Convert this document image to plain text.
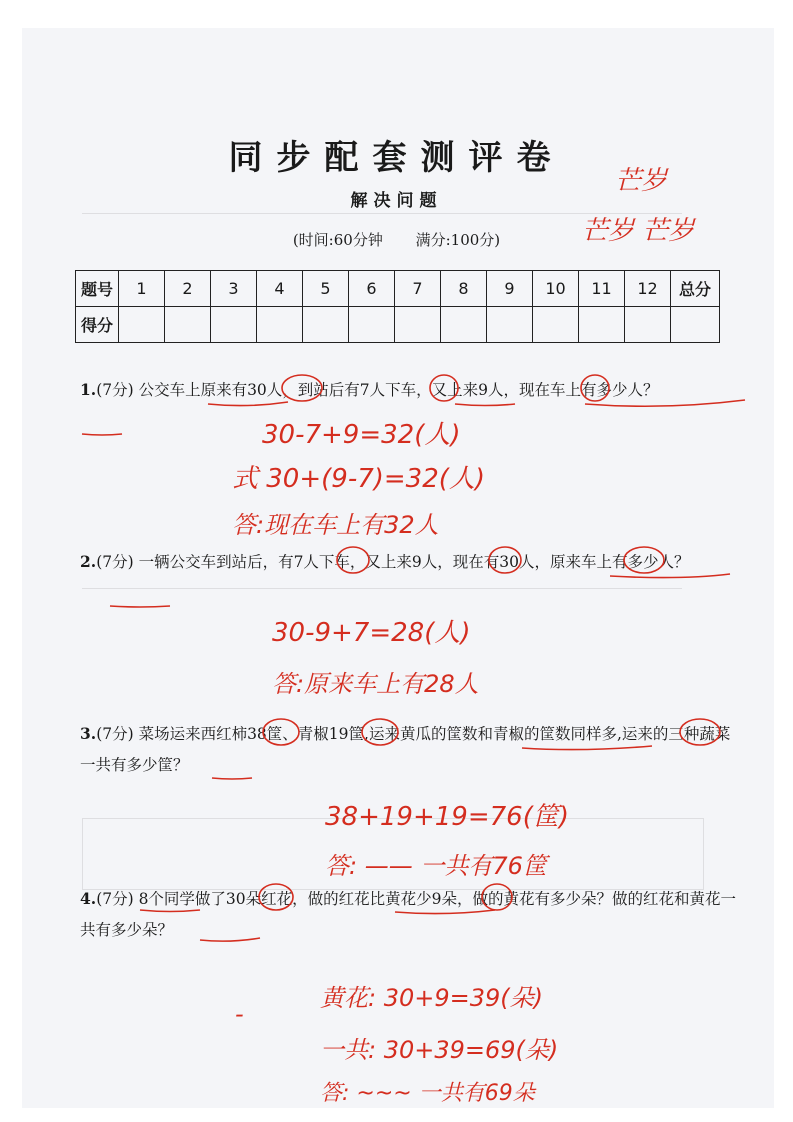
同步配套测评卷
解决问题
(时间:60分钟 满分:100分)
题号	1	2	3	4	5	6	7	8	9	10	11	12	总分
得分													
1.(7分) 公交车上原来有30人，到站后有7人下车，又上来9人，现在车上有多少人？
2.(7分) 一辆公交车到站后，有7人下车，又上来9人，现在有30人，原来车上有多少人？
3.(7分) 菜场运来西红柿38筐、青椒19筐,运来黄瓜的筐数和青椒的筐数同样多,运来的三种蔬菜一共有多少筐？
4.(7分) 8个同学做了30朵红花，做的红花比黄花少9朵，做的黄花有多少朵？做的红花和黄花一共有多少朵？
芒岁
芒岁 芒岁
30-7+9=32(人)
式 30+(9-7)=32(人)
答:现在车上有32人
30-9+7=28(人)
答:原来车上有28人
38+19+19=76(筐)
答: —— 一共有76筐
黄花: 30+9=39(朵)
一共: 30+39=69(朵)
答: ~~~ 一共有69朵
-
